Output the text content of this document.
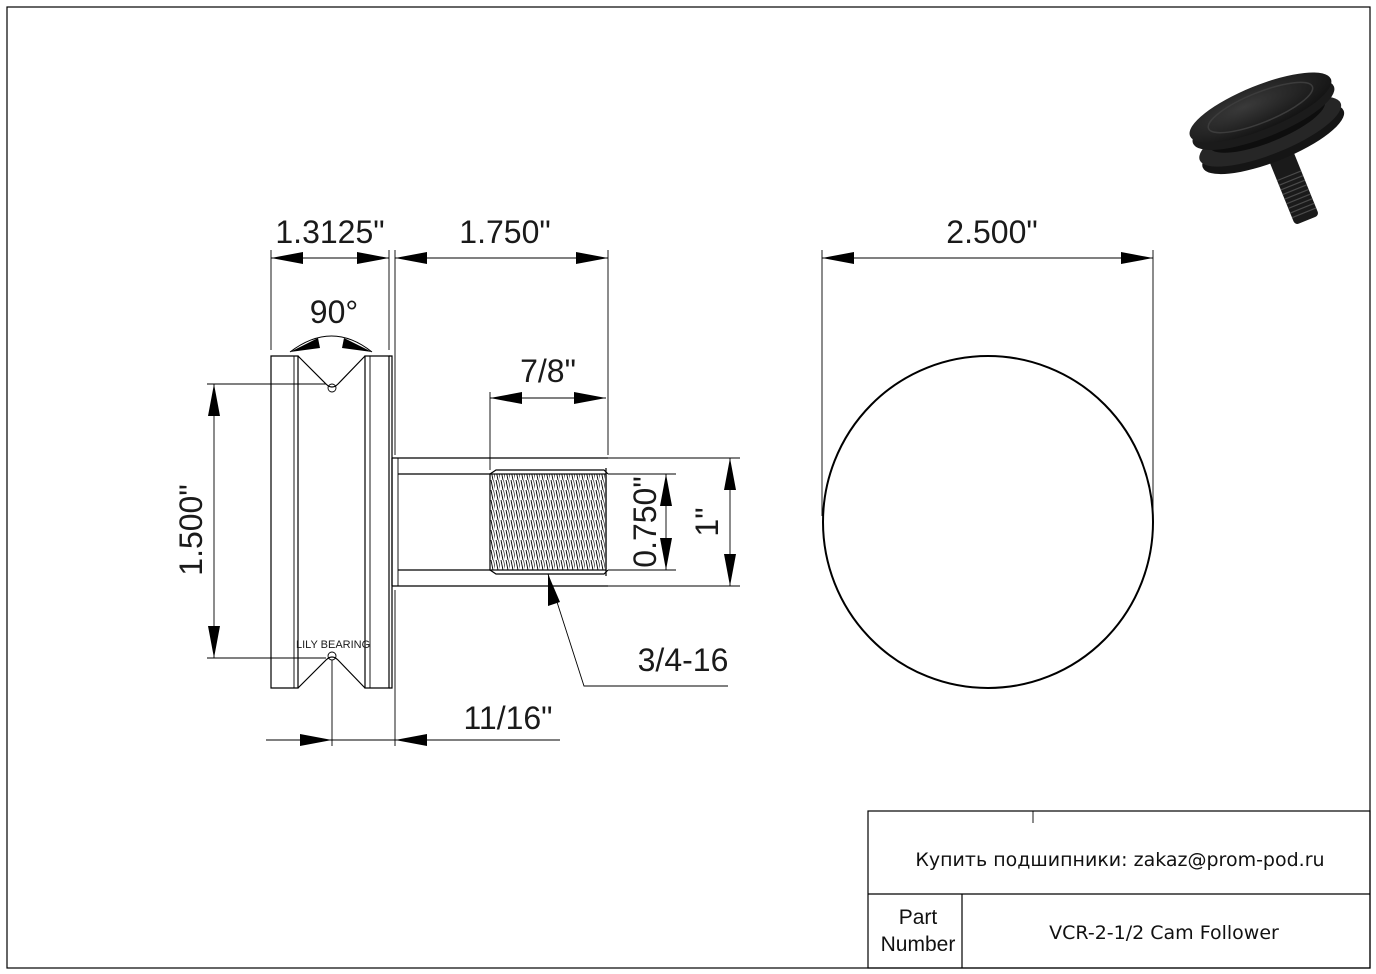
LILY BEARING
1.3125" 1.750"
90°
7/8"
1.500"	0.750" 1"
3/4-16
11/16"
2.500"
Купить подшипники: zakaz@prom-pod.ru
Part
Number	VCR-2-1/2 Cam Follower
